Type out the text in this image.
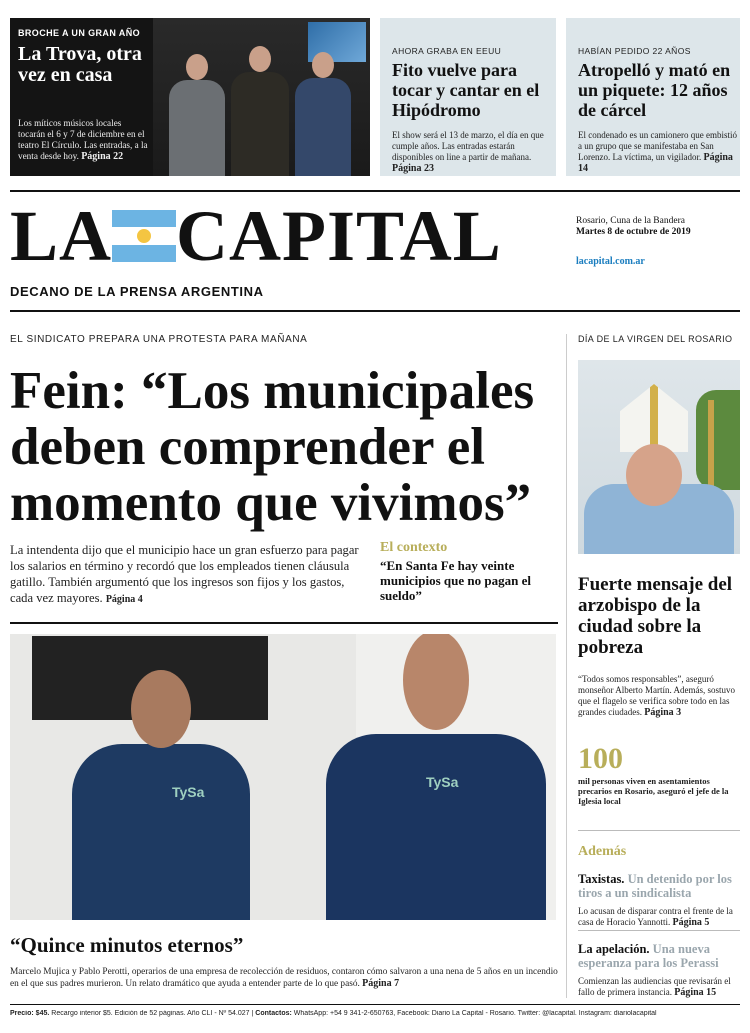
BROCHE A UN GRAN AÑO
La Trova, otra vez en casa
Los míticos músicos locales tocarán el 6 y 7 de diciembre en el teatro El Círculo. Las entradas, a la venta desde hoy. Página 22
AHORA GRABA EN EEUU
Fito vuelve para tocar y cantar en el Hipódromo
El show será el 13 de marzo, el día en que cumple años. Las entradas estarán disponibles on line a partir de mañana. Página 23
HABÍAN PEDIDO 22 AÑOS
Atropelló y mató en un piquete: 12 años de cárcel
El condenado es un camionero que embistió a un grupo que se manifestaba en San Lorenzo. La víctima, un vigilador. Página 14
LA CAPITAL
DECANO DE LA PRENSA ARGENTINA
Rosario, Cuna de la Bandera
Martes 8 de octubre de 2019
lacapital.com.ar
EL SINDICATO PREPARA UNA PROTESTA PARA MAÑANA
Fein: “Los municipales deben comprender el momento que vivimos”
La intendenta dijo que el municipio hace un gran esfuerzo para pagar los salarios en término y recordó que los empleados tienen cláusula gatillo. También argumentó que los ingresos son fijos y los gastos, cada vez mayores. Página 4
El contexto
“En Santa Fe hay veinte municipios que no pagan el sueldo”
TySa
TySa
“Quince minutos eternos”
Marcelo Mujica y Pablo Perotti, operarios de una empresa de recolección de residuos, contaron cómo salvaron a una nena de 5 años en un incendio en el que sus padres murieron. Un relato dramático que ayuda a entender parte de lo que pasó. Página 7
DÍA DE LA VIRGEN DEL ROSARIO
Fuerte mensaje del arzobispo de la ciudad sobre la pobreza
“Todos somos responsables”, aseguró monseñor Alberto Martín. Además, sostuvo que el flagelo se verifica sobre todo en las grandes ciudades. Página 3
100
mil personas viven en asentamientos precarios en Rosario, aseguró el jefe de la Iglesia local
Además
Taxistas. Un detenido por los tiros a un sindicalista
Lo acusan de disparar contra el frente de la casa de Horacio Yannotti. Página 5
La apelación. Una nueva esperanza para los Perassi
Comienzan las audiencias que revisarán el fallo de primera instancia. Página 15
Precio: $45. Recargo interior $5. Edición de 52 páginas. Año CLI - Nº 54.027 | Contactos: WhatsApp: +54 9 341-2-650763, Facebook: Diario La Capital - Rosario. Twitter: @lacapital. Instagram: diariolacapital
